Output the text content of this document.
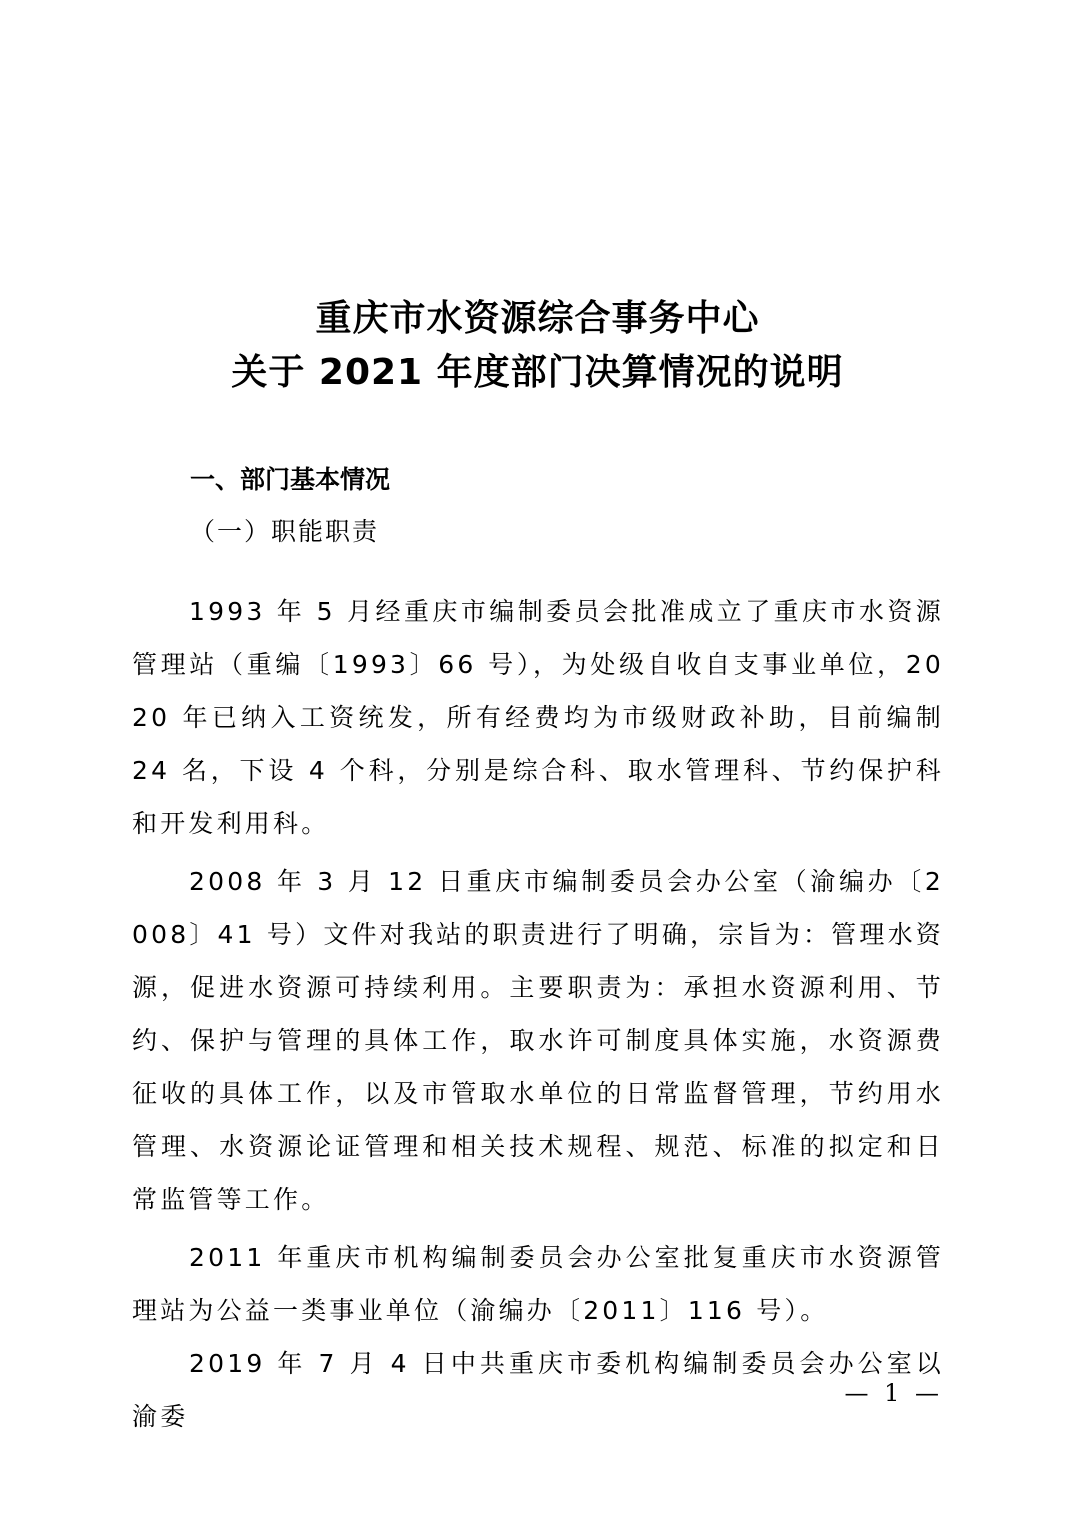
重庆市水资源综合事务中心
关于 2021 年度部门决算情况的说明
一、部门基本情况
（一）职能职责

1993 年 5 月经重庆市编制委员会批准成立了重庆市水资源管理站（重编〔1993〕66 号），为处级自收自支事业单位，2020 年已纳入工资统发，所有经费均为市级财政补助，目前编制 24 名，下设 4 个科，分别是综合科、取水管理科、节约保护科和开发利用科。

2008 年 3 月 12 日重庆市编制委员会办公室（渝编办〔2008〕41 号）文件对我站的职责进行了明确，宗旨为：管理水资源，促进水资源可持续利用。主要职责为：承担水资源利用、节约、保护与管理的具体工作，取水许可制度具体实施，水资源费征收的具体工作，以及市管取水单位的日常监督管理，节约用水管理、水资源论证管理和相关技术规程、规范、标准的拟定和日常监管等工作。

2011 年重庆市机构编制委员会办公室批复重庆市水资源管理站为公益一类事业单位（渝编办〔2011〕116 号）。

2019 年 7 月 4 日中共重庆市委机构编制委员会办公室以渝委

— 1 —
